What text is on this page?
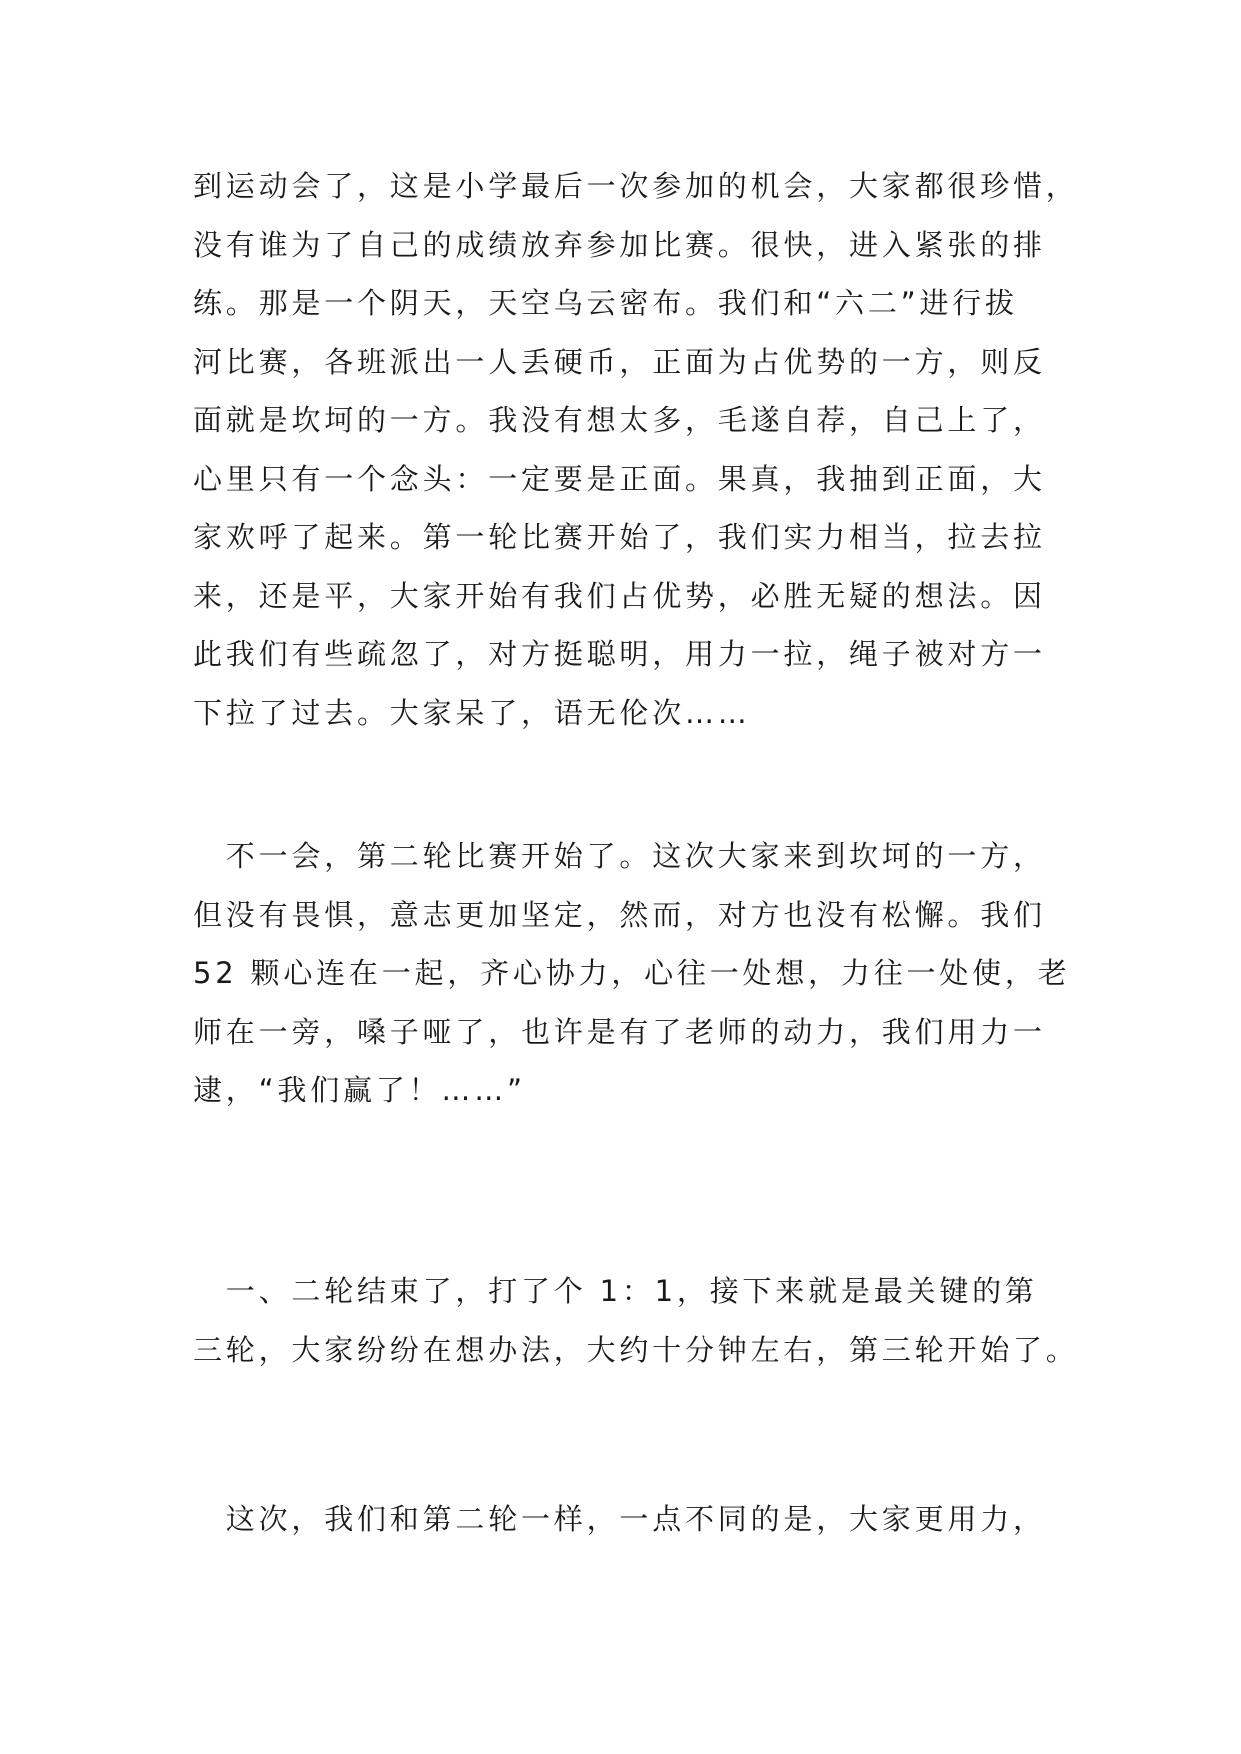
到运动会了，这是小学最后一次参加的机会，大家都很珍惜，
没有谁为了自己的成绩放弃参加比赛。很快，进入紧张的排
练。那是一个阴天，天空乌云密布。我们和“六二”进行拔
河比赛，各班派出一人丢硬币，正面为占优势的一方，则反
面就是坎坷的一方。我没有想太多，毛遂自荐，自己上了，
心里只有一个念头：一定要是正面。果真，我抽到正面，大
家欢呼了起来。第一轮比赛开始了，我们实力相当，拉去拉
来，还是平，大家开始有我们占优势，必胜无疑的想法。因
此我们有些疏忽了，对方挺聪明，用力一拉，绳子被对方一
下拉了过去。大家呆了，语无伦次……
　不一会，第二轮比赛开始了。这次大家来到坎坷的一方，
但没有畏惧，意志更加坚定，然而，对方也没有松懈。我们
52 颗心连在一起，齐心协力，心往一处想，力往一处使，老
师在一旁，嗓子哑了，也许是有了老师的动力，我们用力一
逮，“我们赢了！……”
　一、二轮结束了，打了个 1：1，接下来就是最关键的第
三轮，大家纷纷在想办法，大约十分钟左右，第三轮开始了。
　这次，我们和第二轮一样，一点不同的是，大家更用力，
